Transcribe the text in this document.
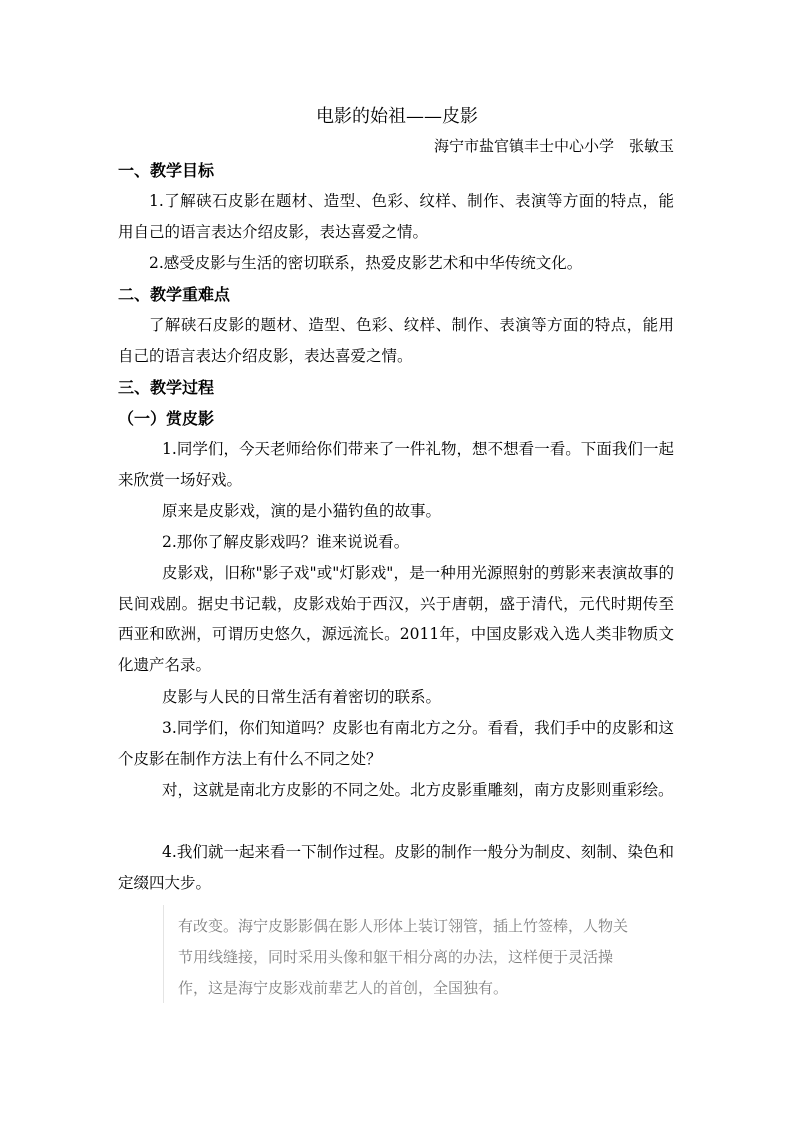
电影的始祖——皮影
海宁市盐官镇丰士中心小学　张敏玉
一、教学目标
1.了解硖石皮影在题材、造型、色彩、纹样、制作、表演等方面的特点，能用自己的语言表达介绍皮影，表达喜爱之情。
2.感受皮影与生活的密切联系，热爱皮影艺术和中华传统文化。
二、教学重难点
了解硖石皮影的题材、造型、色彩、纹样、制作、表演等方面的特点，能用自己的语言表达介绍皮影，表达喜爱之情。
三、教学过程
（一）赏皮影
1.同学们，今天老师给你们带来了一件礼物，想不想看一看。下面我们一起来欣赏一场好戏。
原来是皮影戏，演的是小猫钓鱼的故事。
2.那你了解皮影戏吗？谁来说说看。
皮影戏，旧称"影子戏"或"灯影戏"，是一种用光源照射的剪影来表演故事的民间戏剧。据史书记载，皮影戏始于西汉，兴于唐朝，盛于清代，元代时期传至西亚和欧洲，可谓历史悠久，源远流长。2011年，中国皮影戏入选人类非物质文化遗产名录。
皮影与人民的日常生活有着密切的联系。
3.同学们，你们知道吗？皮影也有南北方之分。看看，我们手中的皮影和这个皮影在制作方法上有什么不同之处？
对，这就是南北方皮影的不同之处。北方皮影重雕刻，南方皮影则重彩绘。
4.我们就一起来看一下制作过程。皮影的制作一般分为制皮、刻制、染色和定缀四大步。
有改变。海宁皮影影偶在影人形体上装订翎管，插上竹签棒，人物关节用线缝接，同时采用头像和躯干相分离的办法，这样便于灵活操作，这是海宁皮影戏前辈艺人的首创，全国独有。
